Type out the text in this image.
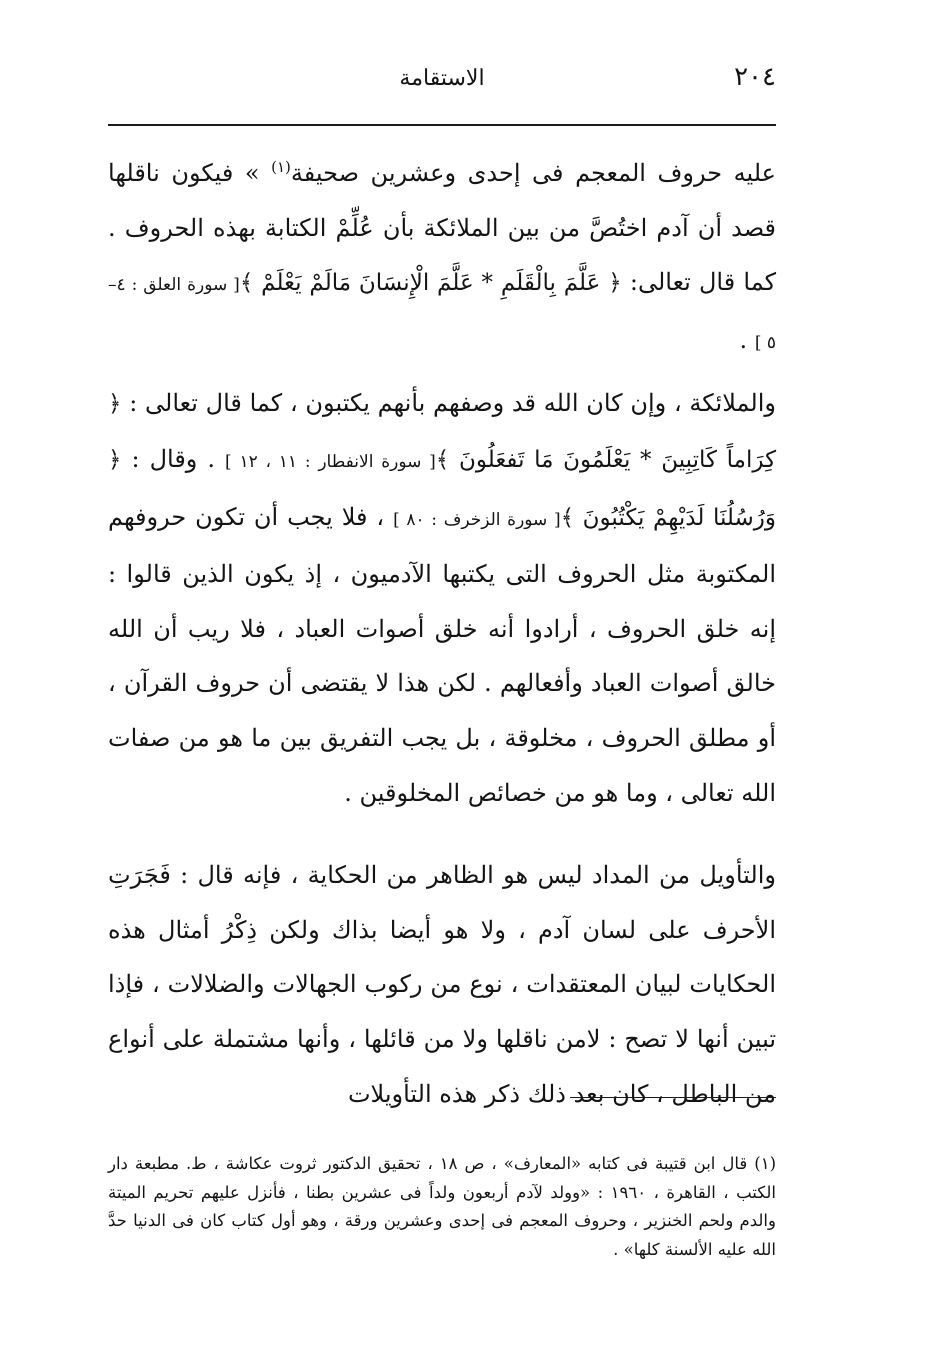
٢٠٤
الاستقامة

عليه حروف المعجم فى إحدى وعشرين صحيفة$^{(١)}$ » فيكون ناقلها قصد أن آدم اختُصَّ من بين الملائكة بأن عُلِّمْ الكتابة بهذه الحروف . كما قال تعالى: ﴿ عَلَّمَ بِالْقَلَمِ * عَلَّمَ الْإِنسَانَ مَالَمْ يَعْلَمْ ﴾[ سورة العلق : ٤–٥ ] .

والملائكة ، وإن كان الله قد وصفهم بأنهم يكتبون ، كما قال تعالى : ﴿ كِرَاماً كَاتِبِينَ * يَعْلَمُونَ مَا تَفعَلُونَ ﴾[ سورة الانفطار : ١١ ، ١٢ ] . وقال : ﴿ وَرُسُلُنَا لَدَيْهِمْ يَكْتُبُونَ ﴾[ سورة الزخرف : ٨٠ ] ، فلا يجب أن تكون حروفهم المكتوبة مثل الحروف التى يكتبها الآدميون ، إذ يكون الذين قالوا : إنه خلق الحروف ، أرادوا أنه خلق أصوات العباد ، فلا ريب أن الله خالق أصوات العباد وأفعالهم . لكن هذا لا يقتضى أن حروف القرآن ، أو مطلق الحروف ، مخلوقة ، بل يجب التفريق بين ما هو من صفات الله تعالى ، وما هو من خصائص المخلوقين .

والتأويل من المداد ليس هو الظاهر من الحكاية ، فإنه قال : فَجَرَتِ الأحرف على لسان آدم ، ولا هو أيضا بذاك ولكن ذِكْرُ أمثال هذه الحكايات لبيان المعتقدات ، نوع من ركوب الجهالات والضلالات ، فإذا تبين أنها لا تصح : لامن ناقلها ولا من قائلها ، وأنها مشتملة على أنواع من الباطل ، كان بعد ذلك ذكر هذه التأويلات

(١) قال ابن قتيبة فى كتابه «المعارف» ، ص ١٨ ، تحقيق الدكتور ثروت عكاشة ، ط. مطبعة دار الكتب ، القاهرة ، ١٩٦٠ : «وولد لآدم أربعون ولداً فى عشرين بطنا ، فأنزل عليهم تحريم الميتة والدم ولحم الخنزير ، وحروف المعجم فى إحدى وعشرين ورقة ، وهو أول كتاب كان فى الدنيا حدَّ الله عليه الألسنة كلها» .
